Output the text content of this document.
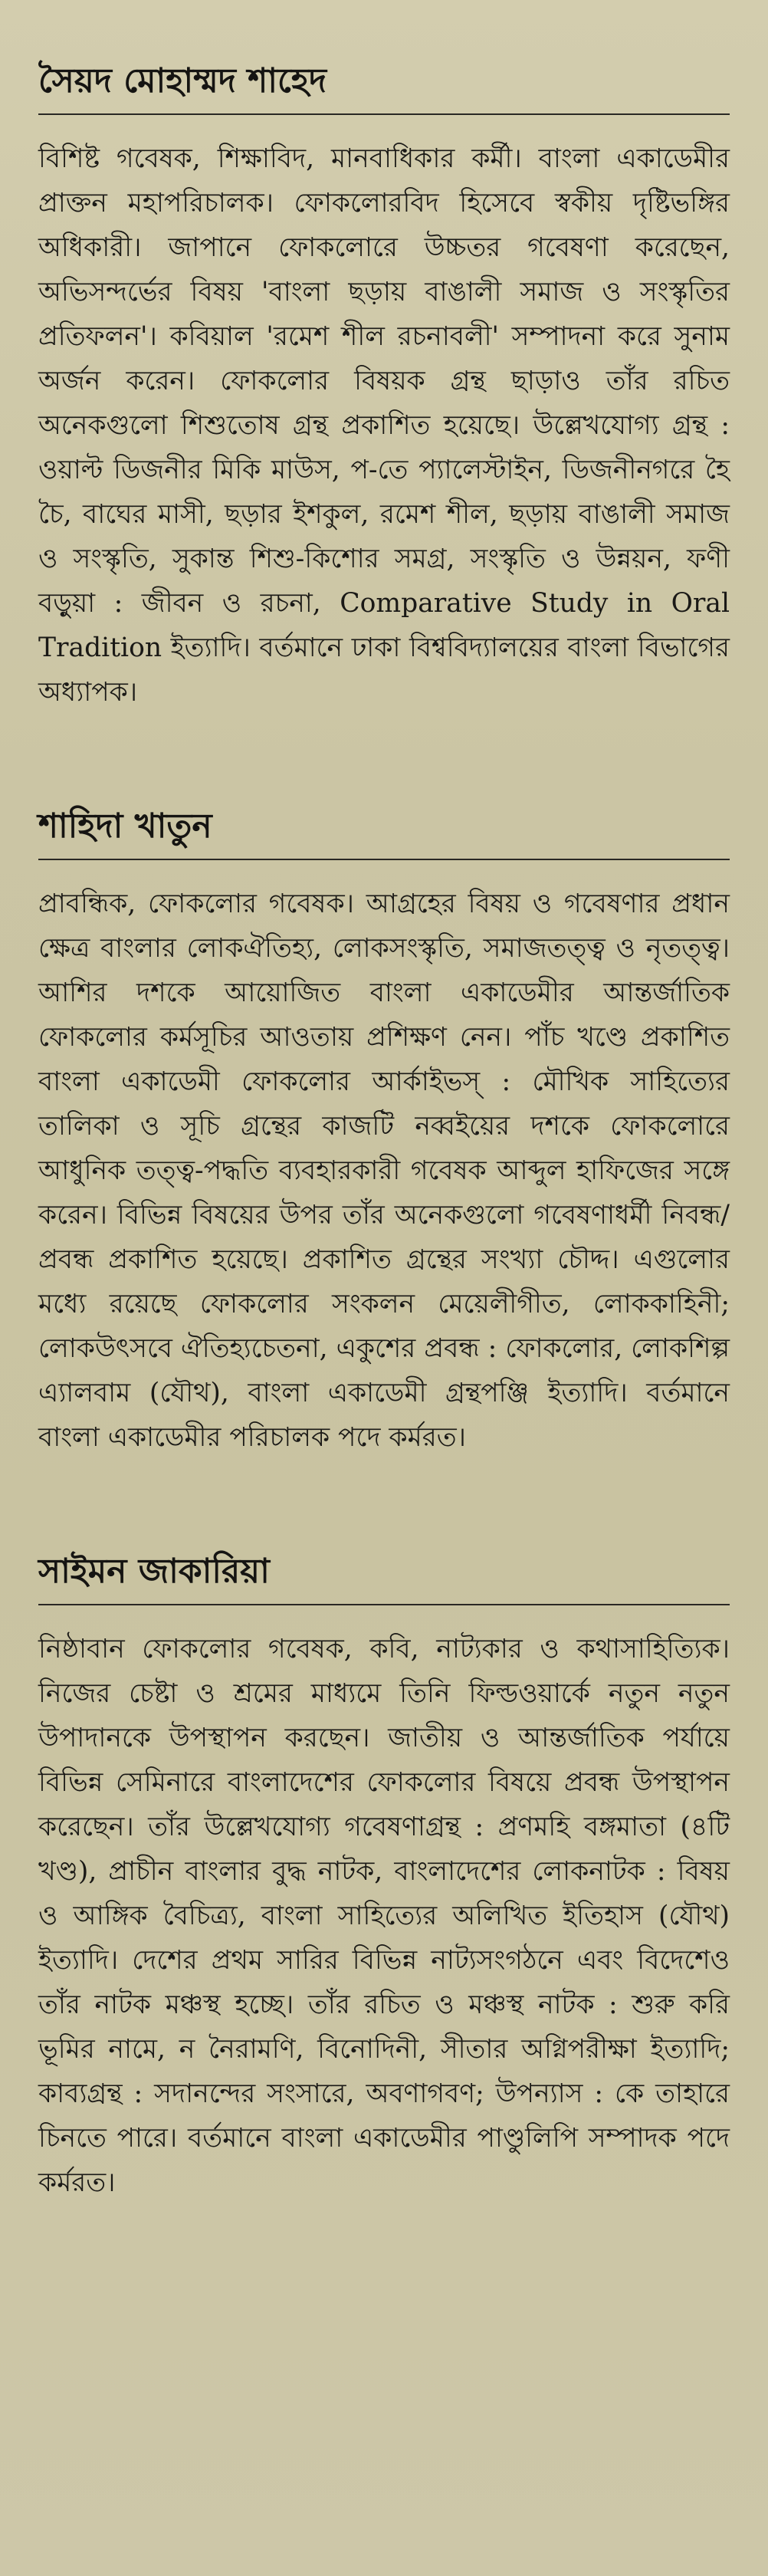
সৈয়দ মোহাম্মদ শাহেদ

বিশিষ্ট গবেষক, শিক্ষাবিদ, মানবাধিকার কর্মী। বাংলা একাডেমীর প্রাক্তন মহাপরিচালক। ফোকলোরবিদ হিসেবে স্বকীয় দৃষ্টিভঙ্গির অধিকারী। জাপানে ফোকলোরে উচ্চতর গবেষণা করেছেন, অভিসন্দর্ভের বিষয় 'বাংলা ছড়ায় বাঙালী সমাজ ও সংস্কৃতির প্রতিফলন'। কবিয়াল 'রমেশ শীল রচনাবলী' সম্পাদনা করে সুনাম অর্জন করেন। ফোকলোর বিষয়ক গ্রন্থ ছাড়াও তাঁর রচিত অনেকগুলো শিশুতোষ গ্রন্থ প্রকাশিত হয়েছে। উল্লেখযোগ্য গ্রন্থ : ওয়াল্ট ডিজনীর মিকি মাউস, প-তে প্যালেস্টাইন, ডিজনীনগরে হৈ চৈ, বাঘের মাসী, ছড়ার ইশকুল, রমেশ শীল, ছড়ায় বাঙালী সমাজ ও সংস্কৃতি, সুকান্ত শিশু-কিশোর সমগ্র, সংস্কৃতি ও উন্নয়ন, ফণী বড়ুয়া : জীবন ও রচনা, Comparative Study in Oral Tradition ইত্যাদি। বর্তমানে ঢাকা বিশ্ববিদ্যালয়ের বাংলা বিভাগের অধ্যাপক।

শাহিদা খাতুন

প্রাবন্ধিক, ফোকলোর গবেষক। আগ্রহের বিষয় ও গবেষণার প্রধান ক্ষেত্র বাংলার লোকঐতিহ্য, লোকসংস্কৃতি, সমাজতত্ত্ব ও নৃতত্ত্ব। আশির দশকে আয়োজিত বাংলা একাডেমীর আন্তর্জাতিক ফোকলোর কর্মসূচির আওতায় প্রশিক্ষণ নেন। পাঁচ খণ্ডে প্রকাশিত বাংলা একাডেমী ফোকলোর আর্কাইভস্ : মৌখিক সাহিত্যের তালিকা ও সূচি গ্রন্থের কাজটি নব্বইয়ের দশকে ফোকলোরে আধুনিক তত্ত্ব-পদ্ধতি ব্যবহারকারী গবেষক আব্দুল হাফিজের সঙ্গে করেন। বিভিন্ন বিষয়ের উপর তাঁর অনেকগুলো গবেষণাধর্মী নিবন্ধ/প্রবন্ধ প্রকাশিত হয়েছে। প্রকাশিত গ্রন্থের সংখ্যা চৌদ্দ। এগুলোর মধ্যে রয়েছে ফোকলোর সংকলন মেয়েলীগীত, লোককাহিনী; লোকউৎসবে ঐতিহ্যচেতনা, একুশের প্রবন্ধ : ফোকলোর, লোকশিল্প এ্যালবাম (যৌথ), বাংলা একাডেমী গ্রন্থপঞ্জি ইত্যাদি। বর্তমানে বাংলা একাডেমীর পরিচালক পদে কর্মরত।

সাইমন জাকারিয়া

নিষ্ঠাবান ফোকলোর গবেষক, কবি, নাট্যকার ও কথাসাহিত্যিক। নিজের চেষ্টা ও শ্রমের মাধ্যমে তিনি ফিল্ডওয়ার্কে নতুন নতুন উপাদানকে উপস্থাপন করছেন। জাতীয় ও আন্তর্জাতিক পর্যায়ে বিভিন্ন সেমিনারে বাংলাদেশের ফোকলোর বিষয়ে প্রবন্ধ উপস্থাপন করেছেন। তাঁর উল্লেখযোগ্য গবেষণাগ্রন্থ : প্রণমহি বঙ্গমাতা (৪টি খণ্ড), প্রাচীন বাংলার বুদ্ধ নাটক, বাংলাদেশের লোকনাটক : বিষয় ও আঙ্গিক বৈচিত্র্য, বাংলা সাহিত্যের অলিখিত ইতিহাস (যৌথ) ইত্যাদি। দেশের প্রথম সারির বিভিন্ন নাট্যসংগঠনে এবং বিদেশেও তাঁর নাটক মঞ্চস্থ হচ্ছে। তাঁর রচিত ও মঞ্চস্থ নাটক : শুরু করি ভূমির নামে, ন নৈরামণি, বিনোদিনী, সীতার অগ্নিপরীক্ষা ইত্যাদি; কাব্যগ্রন্থ : সদানন্দের সংসারে, অবণাগবণ; উপন্যাস : কে তাহারে চিনতে পারে। বর্তমানে বাংলা একাডেমীর পাণ্ডুলিপি সম্পাদক পদে কর্মরত।
